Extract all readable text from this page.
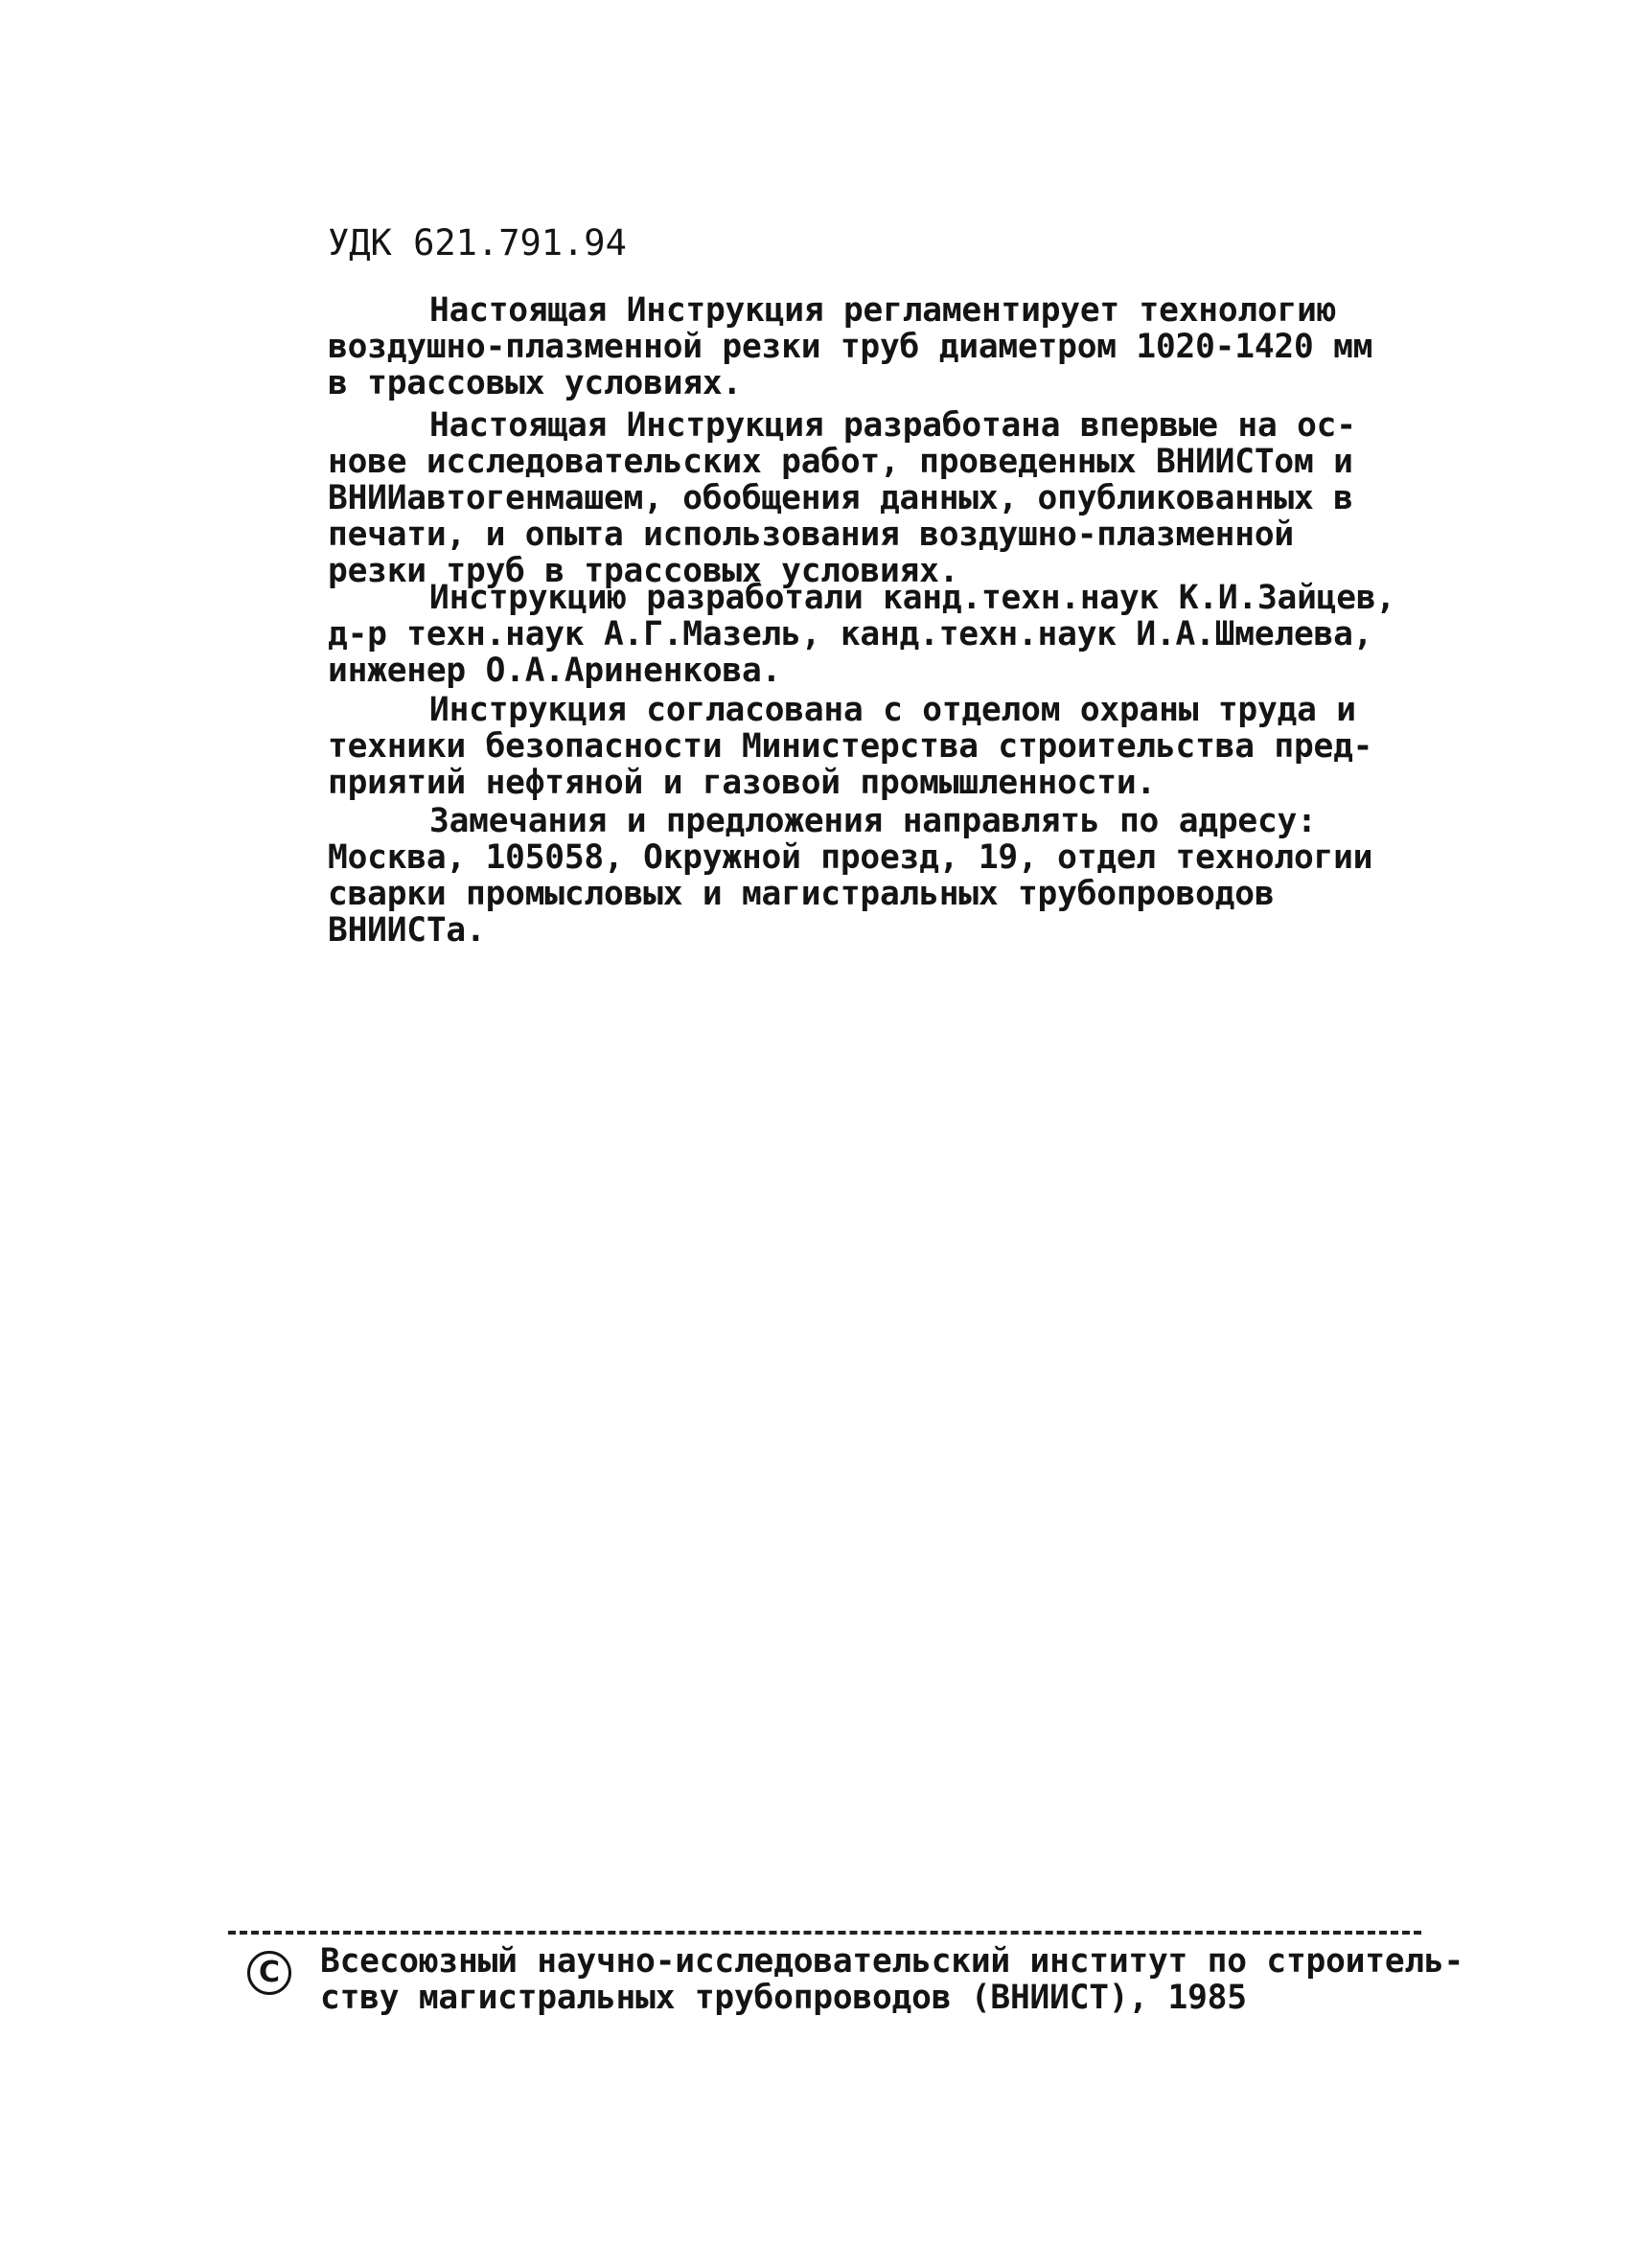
УДК 621.791.94
Настоящая Инструкция регламентирует технологию
воздушно-плазменной резки труб диаметром 1020-1420 мм
в трассовых условиях.
Настоящая Инструкция разработана впервые на ос-
нове исследовательских работ, проведенных ВНИИСТом и
ВНИИавтогенмашем, обобщения данных, опубликованных в
печати, и опыта использования воздушно-плазменной
резки труб в трассовых условиях.
Инструкцию разработали канд.техн.наук К.И.Зайцев,
д-р техн.наук А.Г.Мазель, канд.техн.наук И.А.Шмелева,
инженер О.А.Ариненкова.
Инструкция согласована с отделом охраны труда и
техники безопасности Министерства строительства пред-
приятий нефтяной и газовой промышленности.
Замечания и предложения направлять по адресу:
Москва, 105058, Окружной проезд, 19, отдел технологии
сварки промысловых и магистральных трубопроводов
ВНИИСТа.
С	Всесоюзный научно-исследовательский институт по строитель-
ству магистральных трубопроводов (ВНИИСТ), 1985
